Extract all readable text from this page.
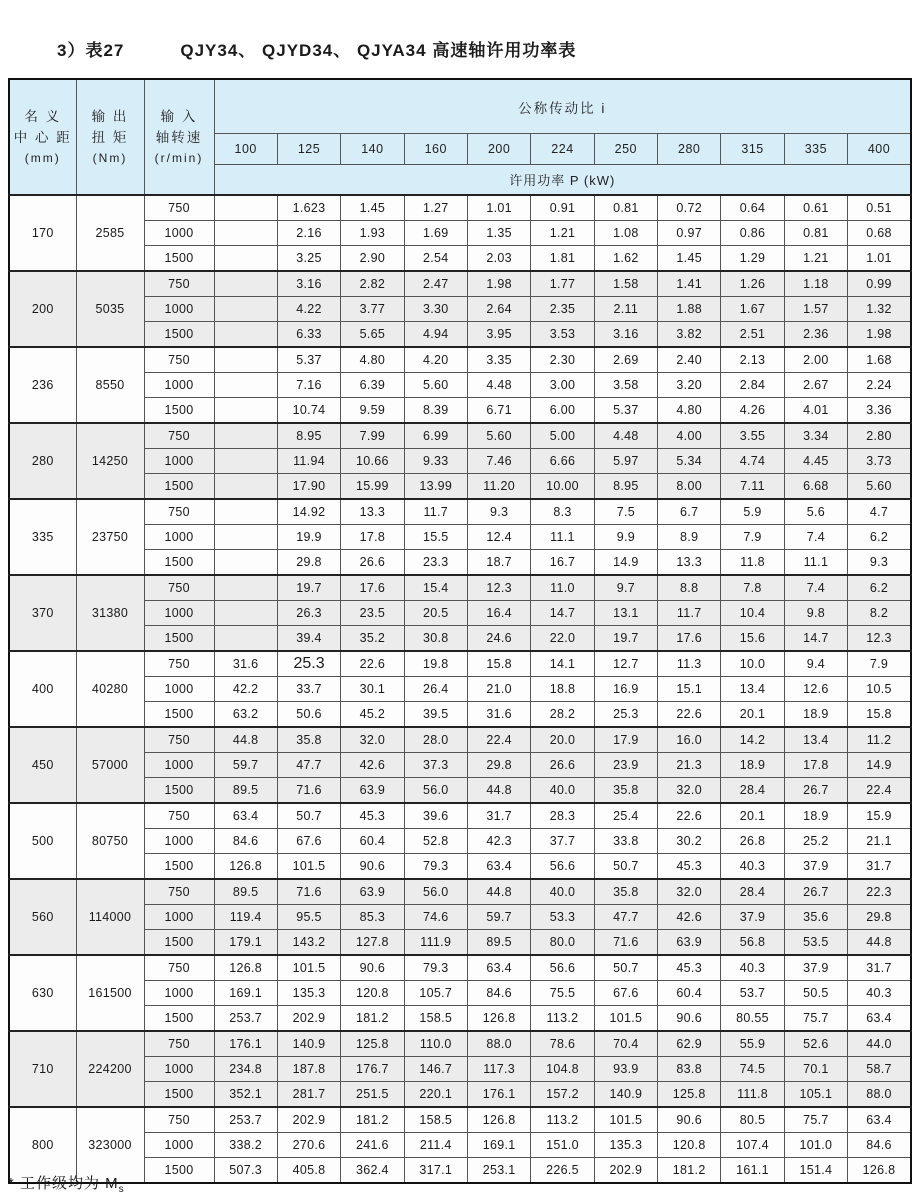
3）表27	QJY34、 QJYD34、 QJYA34 高速轴许用功率表
名 义
中 心 距
(mm)

输 出
扭 矩
(Nm)

输 入
轴转速
(r/min)
	公称传动比 i
			100	125	140	160	200	224	250	280	315	335	400
			许用功率 P (kW)										
170	2585	750		1.623	1.45	1.27	1.01	0.91	0.81	0.72	0.64	0.61	0.51
		1000		2.16	1.93	1.69	1.35	1.21	1.08	0.97	0.86	0.81	0.68
		1500		3.25	2.90	2.54	2.03	1.81	1.62	1.45	1.29	1.21	1.01
200	5035	750		3.16	2.82	2.47	1.98	1.77	1.58	1.41	1.26	1.18	0.99
		1000		4.22	3.77	3.30	2.64	2.35	2.11	1.88	1.67	1.57	1.32
		1500		6.33	5.65	4.94	3.95	3.53	3.16	3.82	2.51	2.36	1.98
236	8550	750		5.37	4.80	4.20	3.35	2.30	2.69	2.40	2.13	2.00	1.68
		1000		7.16	6.39	5.60	4.48	3.00	3.58	3.20	2.84	2.67	2.24
		1500		10.74	9.59	8.39	6.71	6.00	5.37	4.80	4.26	4.01	3.36
280	14250	750		8.95	7.99	6.99	5.60	5.00	4.48	4.00	3.55	3.34	2.80
		1000		11.94	10.66	9.33	7.46	6.66	5.97	5.34	4.74	4.45	3.73
		1500		17.90	15.99	13.99	11.20	10.00	8.95	8.00	7.11	6.68	5.60
335	23750	750		14.92	13.3	11.7	9.3	8.3	7.5	6.7	5.9	5.6	4.7
		1000		19.9	17.8	15.5	12.4	11.1	9.9	8.9	7.9	7.4	6.2
		1500		29.8	26.6	23.3	18.7	16.7	14.9	13.3	11.8	11.1	9.3
370	31380	750		19.7	17.6	15.4	12.3	11.0	9.7	8.8	7.8	7.4	6.2
		1000		26.3	23.5	20.5	16.4	14.7	13.1	11.7	10.4	9.8	8.2
		1500		39.4	35.2	30.8	24.6	22.0	19.7	17.6	15.6	14.7	12.3
400	40280	750	31.6	25.3	22.6	19.8	15.8	14.1	12.7	11.3	10.0	9.4	7.9
		1000	42.2	33.7	30.1	26.4	21.0	18.8	16.9	15.1	13.4	12.6	10.5
		1500	63.2	50.6	45.2	39.5	31.6	28.2	25.3	22.6	20.1	18.9	15.8
450	57000	750	44.8	35.8	32.0	28.0	22.4	20.0	17.9	16.0	14.2	13.4	11.2
		1000	59.7	47.7	42.6	37.3	29.8	26.6	23.9	21.3	18.9	17.8	14.9
		1500	89.5	71.6	63.9	56.0	44.8	40.0	35.8	32.0	28.4	26.7	22.4
500	80750	750	63.4	50.7	45.3	39.6	31.7	28.3	25.4	22.6	20.1	18.9	15.9
		1000	84.6	67.6	60.4	52.8	42.3	37.7	33.8	30.2	26.8	25.2	21.1
		1500	126.8	101.5	90.6	79.3	63.4	56.6	50.7	45.3	40.3	37.9	31.7
560	114000	750	89.5	71.6	63.9	56.0	44.8	40.0	35.8	32.0	28.4	26.7	22.3
		1000	119.4	95.5	85.3	74.6	59.7	53.3	47.7	42.6	37.9	35.6	29.8
		1500	179.1	143.2	127.8	111.9	89.5	80.0	71.6	63.9	56.8	53.5	44.8
630	161500	750	126.8	101.5	90.6	79.3	63.4	56.6	50.7	45.3	40.3	37.9	31.7
		1000	169.1	135.3	120.8	105.7	84.6	75.5	67.6	60.4	53.7	50.5	40.3
		1500	253.7	202.9	181.2	158.5	126.8	113.2	101.5	90.6	80.55	75.7	63.4
710	224200	750	176.1	140.9	125.8	110.0	88.0	78.6	70.4	62.9	55.9	52.6	44.0
		1000	234.8	187.8	176.7	146.7	117.3	104.8	93.9	83.8	74.5	70.1	58.7
		1500	352.1	281.7	251.5	220.1	176.1	157.2	140.9	125.8	111.8	105.1	88.0
800	323000	750	253.7	202.9	181.2	158.5	126.8	113.2	101.5	90.6	80.5	75.7	63.4
		1000	338.2	270.6	241.6	211.4	169.1	151.0	135.3	120.8	107.4	101.0	84.6
		1500	507.3	405.8	362.4	317.1	253.1	226.5	202.9	181.2	161.1	151.4	126.8
* 工作级均为 $M_s$
